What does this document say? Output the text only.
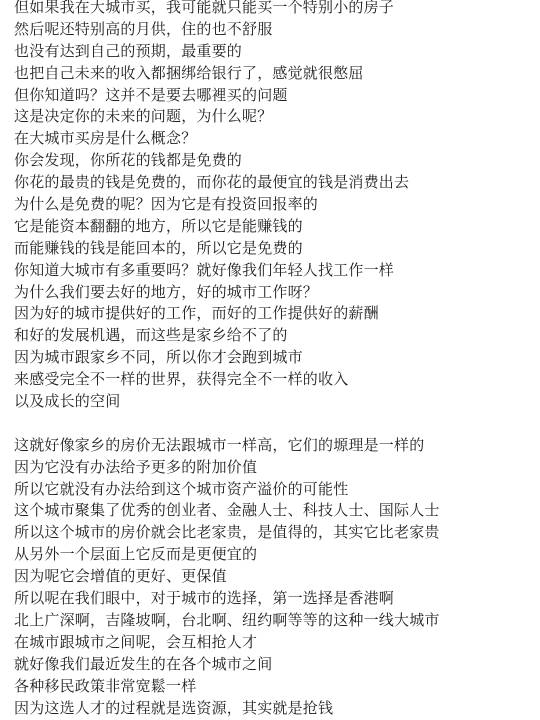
但如果我在大城市买，我可能就只能买一个特别小的房子
然后呢还特别高的月供，住的也不舒服
也没有达到自己的预期，最重要的
也把自己未来的收入都捆绑给银行了，感觉就很憋屈
但你知道吗？这并不是要去哪裡买的问题
这是决定你的未来的问题，为什么呢？
在大城市买房是什么概念？
你会发现，你所花的钱都是免费的
你花的最贵的钱是免费的，而你花的最便宜的钱是消费出去
为什么是免费的呢？因为它是有投资回报率的
它是能资本翻翻的地方，所以它是能赚钱的
而能赚钱的钱是能回本的，所以它是免费的
你知道大城市有多重要吗？就好像我们年轻人找工作一样
为什么我们要去好的地方，好的城市工作呀？
因为好的城市提供好的工作，而好的工作提供好的薪酬
和好的发展机遇，而这些是家乡给不了的
因为城市跟家乡不同，所以你才会跑到城市
来感受完全不一样的世界，获得完全不一样的收入
以及成长的空间
这就好像家乡的房价无法跟城市一样高，它们的塬理是一样的
因为它没有办法给予更多的附加价值
所以它就没有办法给到这个城市资产溢价的可能性
这个城市聚集了优秀的创业者、金融人士、科技人士、国际人士
所以这个城市的房价就会比老家贵，是值得的，其实它比老家贵
从另外一个层面上它反而是更便宜的
因为呢它会增值的更好、更保值
所以呢在我们眼中，对于城市的选择，第一选择是香港啊
北上广深啊，吉隆坡啊，台北啊、纽约啊等等的这种一线大城市
在城市跟城市之间呢，会互相抢人才
就好像我们最近发生的在各个城市之间
各种移民政策非常宽鬆一样
因为这选人才的过程就是选资源，其实就是抢钱
